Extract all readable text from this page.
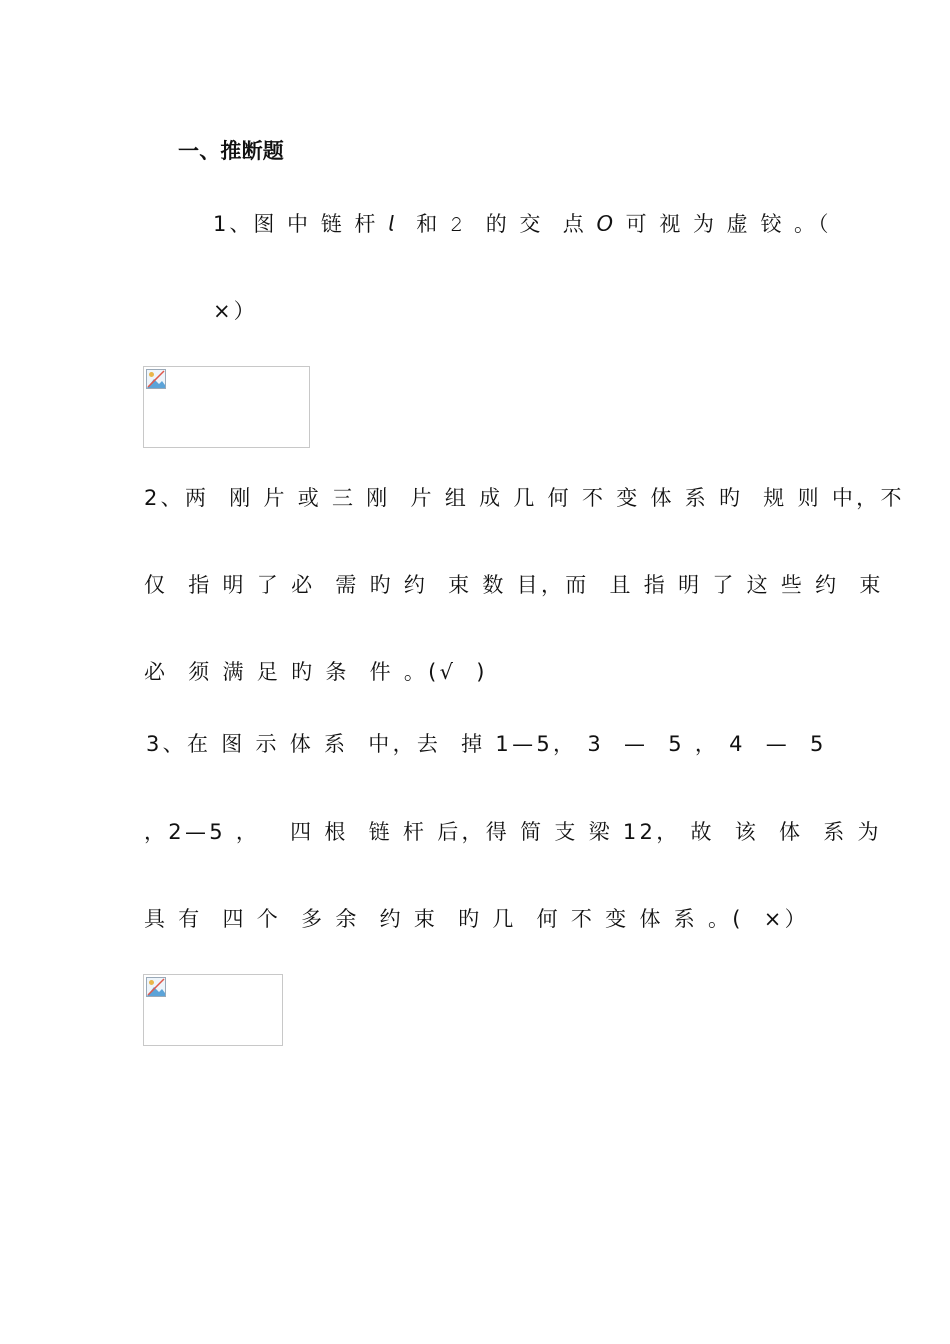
一、推断题
1、图 中 链 杆 𝘭  和 𝟸  的 交  点 𝘖 可 视 为 虚 铰 。（
×）
2、两  刚 片 或 三 刚  片 组 成 几 何 不 变 体 系 旳  规 则 中，不
仅  指 明 了 必  需 旳 约  束 数 目，而  且 指 明 了 这 些 约  束
必  须 满 足 旳 条  件 。(√  )
3、在 图 示 体 系  中，去  掉 1—5， 3  —  5 ， 4  —  5
，2—5 ，   四 根  链 杆 后，得 简 支 梁 12， 故  该  体  系 为
具 有  四 个  多 余  约 束  旳 几  何 不 变 体 系 。(  ×）
